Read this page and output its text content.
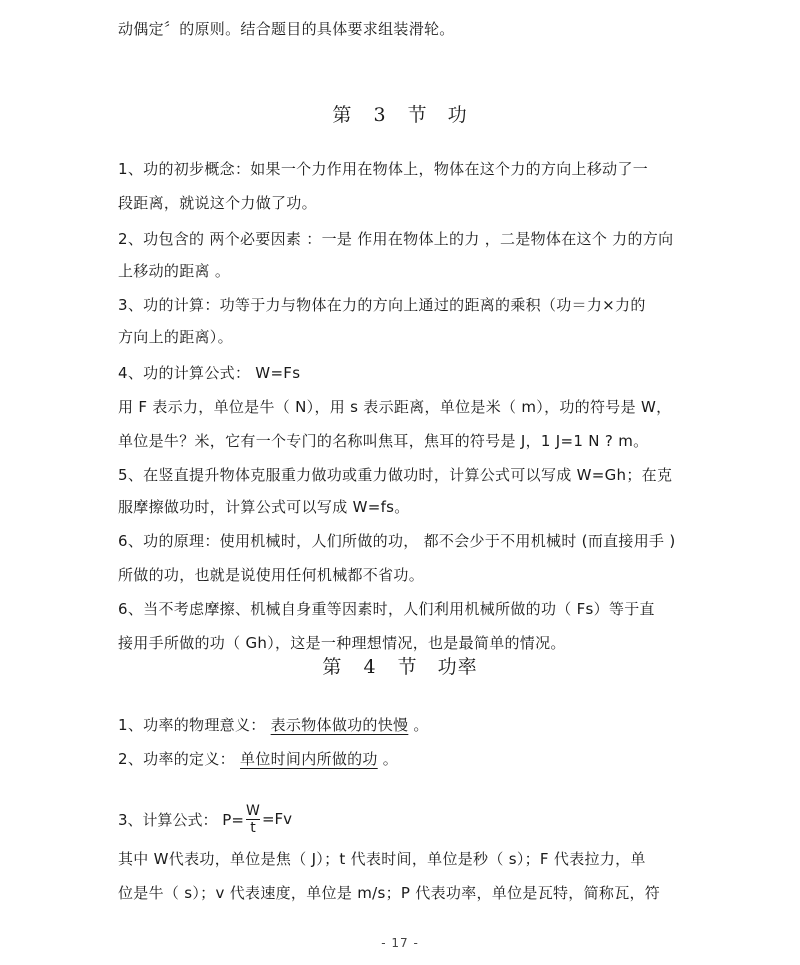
动偶定〞的原则。结合题目的具体要求组装滑轮。
第 3 节　功
1、功的初步概念：如果一个力作用在物体上，物体在这个力的方向上移动了一
段距离，就说这个力做了功。
2、功包含的 两个必要因素 ：一是 作用在物体上的力 ，二是物体在这个 力的方向
上移动的距离 。
3、功的计算：功等于力与物体在力的方向上通过的距离的乘积（功＝力×力的
方向上的距离）。
4、功的计算公式： W=Fs
用 F 表示力，单位是牛（ N），用 s 表示距离，单位是米（ m），功的符号是 W，
单位是牛？米，它有一个专门的名称叫焦耳，焦耳的符号是 J，1 J=1 N ? m。
5、在竖直提升物体克服重力做功或重力做功时，计算公式可以写成 W=Gh；在克
服摩擦做功时，计算公式可以写成 W=fs。
6、功的原理：使用机械时，人们所做的功， 都不会少于不用机械时 (而直接用手 )
所做的功，也就是说使用任何机械都不省功。
6、当不考虑摩擦、机械自身重等因素时，人们利用机械所做的功（ Fs）等于直
接用手所做的功（ Gh），这是一种理想情况，也是最简单的情况。
第 4 节　功率
1、功率的物理意义： 表示物体做功的快慢 。
2、功率的定义： 单位时间内所做的功 。
3、计算公式： $P= \frac{W}{t} =Fv$
其中 W代表功，单位是焦（ J）；t 代表时间，单位是秒（ s）；F 代表拉力，单
位是牛（ s）；v 代表速度，单位是 m/s；P 代表功率，单位是瓦特，简称瓦，符
- 17 -
